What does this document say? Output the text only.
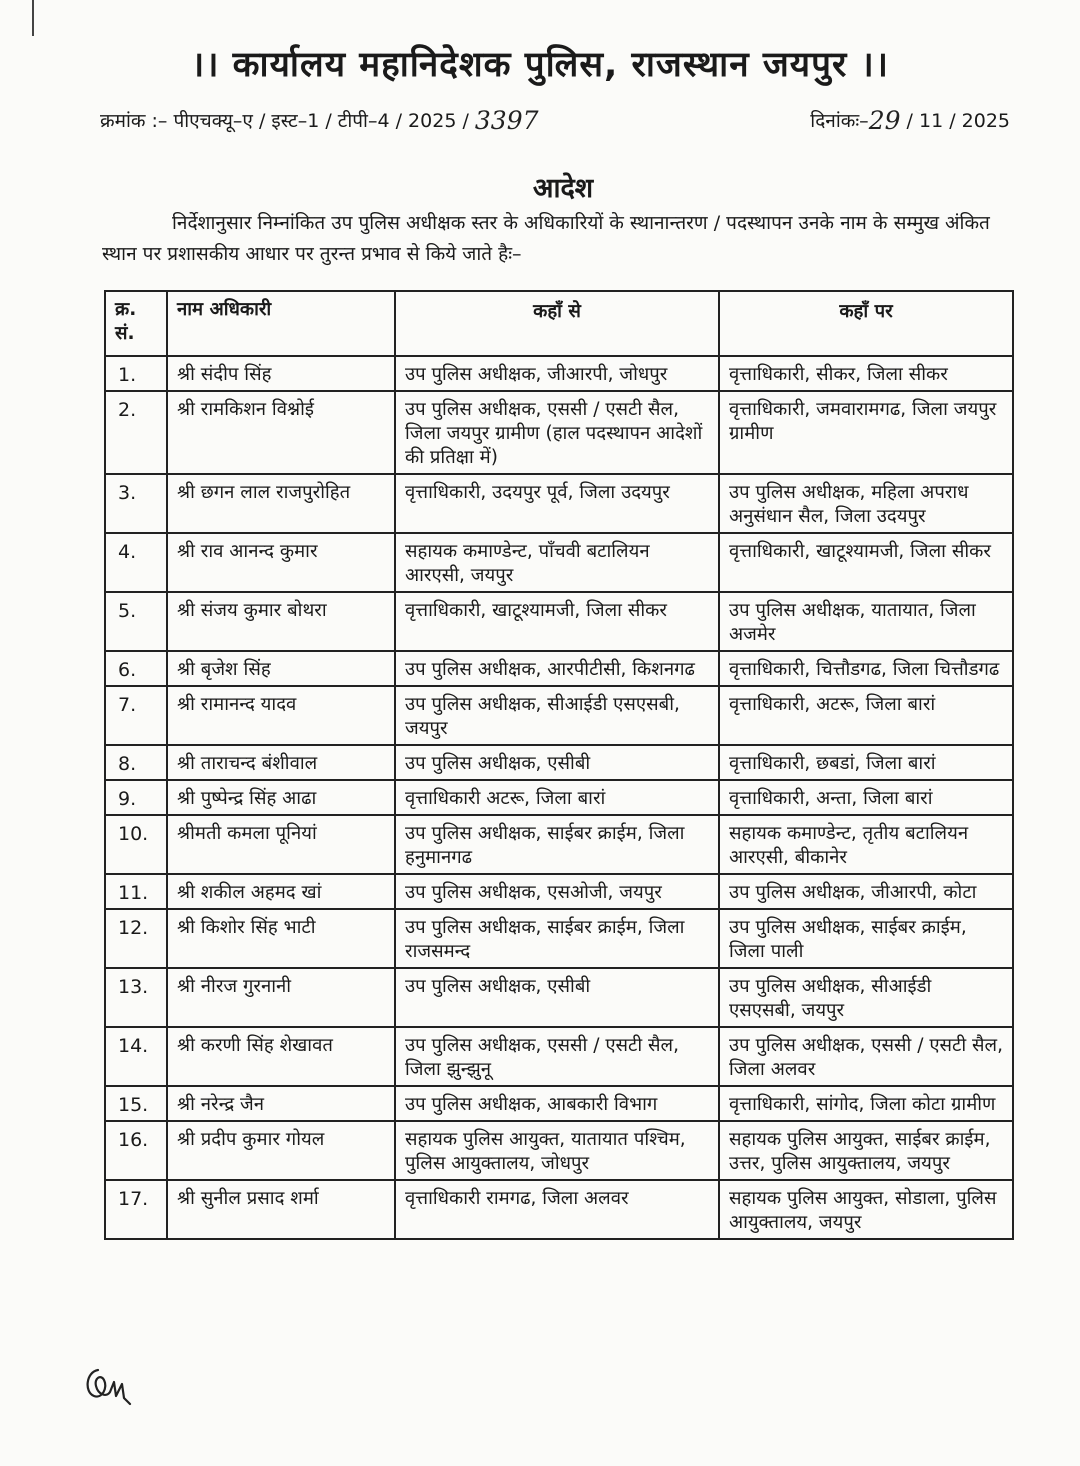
।। कार्यालय महानिदेशक पुलिस, राजस्थान जयपुर ।।
क्रमांक :– पीएचक्यू–ए / इस्ट–1 / टीपी–4 / 2025 / 3397	दिनांकः–29 / 11 / 2025
आदेश
निर्देशानुसार निम्नांकित उप पुलिस अधीक्षक स्तर के अधिकारियों के स्थानान्तरण / पदस्थापन उनके नाम के सम्मुख अंकित स्थान पर प्रशासकीय आधार पर तुरन्त प्रभाव से किये जाते हैः–
क्र. सं.	नाम अधिकारी	कहाँ से	कहाँ पर
1.	श्री संदीप सिंह	उप पुलिस अधीक्षक, जीआरपी, जोधपुर	वृत्ताधिकारी, सीकर, जिला सीकर
2.	श्री रामकिशन विश्नोई	उप पुलिस अधीक्षक, एससी / एसटी सैल, जिला जयपुर ग्रामीण (हाल पदस्थापन आदेशों की प्रतिक्षा में)	वृत्ताधिकारी, जमवारामगढ, जिला जयपुर ग्रामीण
3.	श्री छगन लाल राजपुरोहित	वृत्ताधिकारी, उदयपुर पूर्व, जिला उदयपुर	उप पुलिस अधीक्षक, महिला अपराध अनुसंधान सैल, जिला उदयपुर
4.	श्री राव आनन्द कुमार	सहायक कमाण्डेन्ट, पाँचवी बटालियन आरएसी, जयपुर	वृत्ताधिकारी, खाटूश्यामजी, जिला सीकर
5.	श्री संजय कुमार बोथरा	वृत्ताधिकारी, खाटूश्यामजी, जिला सीकर	उप पुलिस अधीक्षक, यातायात, जिला अजमेर
6.	श्री बृजेश सिंह	उप पुलिस अधीक्षक, आरपीटीसी, किशनगढ	वृत्ताधिकारी, चित्तौडगढ, जिला चित्तौडगढ
7.	श्री रामानन्द यादव	उप पुलिस अधीक्षक, सीआईडी एसएसबी, जयपुर	वृत्ताधिकारी, अटरू, जिला बारां
8.	श्री ताराचन्द बंशीवाल	उप पुलिस अधीक्षक, एसीबी	वृत्ताधिकारी, छबडां, जिला बारां
9.	श्री पुष्पेन्द्र सिंह आढा	वृत्ताधिकारी अटरू, जिला बारां	वृत्ताधिकारी, अन्ता, जिला बारां
10.	श्रीमती कमला पूनियां	उप पुलिस अधीक्षक, साईबर क्राईम, जिला हनुमानगढ	सहायक कमाण्डेन्ट, तृतीय बटालियन आरएसी, बीकानेर
11.	श्री शकील अहमद खां	उप पुलिस अधीक्षक, एसओजी, जयपुर	उप पुलिस अधीक्षक, जीआरपी, कोटा
12.	श्री किशोर सिंह भाटी	उप पुलिस अधीक्षक, साईबर क्राईम, जिला राजसमन्द	उप पुलिस अधीक्षक, साईबर क्राईम, जिला पाली
13.	श्री नीरज गुरनानी	उप पुलिस अधीक्षक, एसीबी	उप पुलिस अधीक्षक, सीआईडी एसएसबी, जयपुर
14.	श्री करणी सिंह शेखावत	उप पुलिस अधीक्षक, एससी / एसटी सैल, जिला झुन्झुनू	उप पुलिस अधीक्षक, एससी / एसटी सैल, जिला अलवर
15.	श्री नरेन्द्र जैन	उप पुलिस अधीक्षक, आबकारी विभाग	वृत्ताधिकारी, सांगोद, जिला कोटा ग्रामीण
16.	श्री प्रदीप कुमार गोयल	सहायक पुलिस आयुक्त, यातायात पश्चिम, पुलिस आयुक्तालय, जोधपुर	सहायक पुलिस आयुक्त, साईबर क्राईम, उत्तर, पुलिस आयुक्तालय, जयपुर
17.	श्री सुनील प्रसाद शर्मा	वृत्ताधिकारी रामगढ, जिला अलवर	सहायक पुलिस आयुक्त, सोडाला, पुलिस आयुक्तालय, जयपुर
